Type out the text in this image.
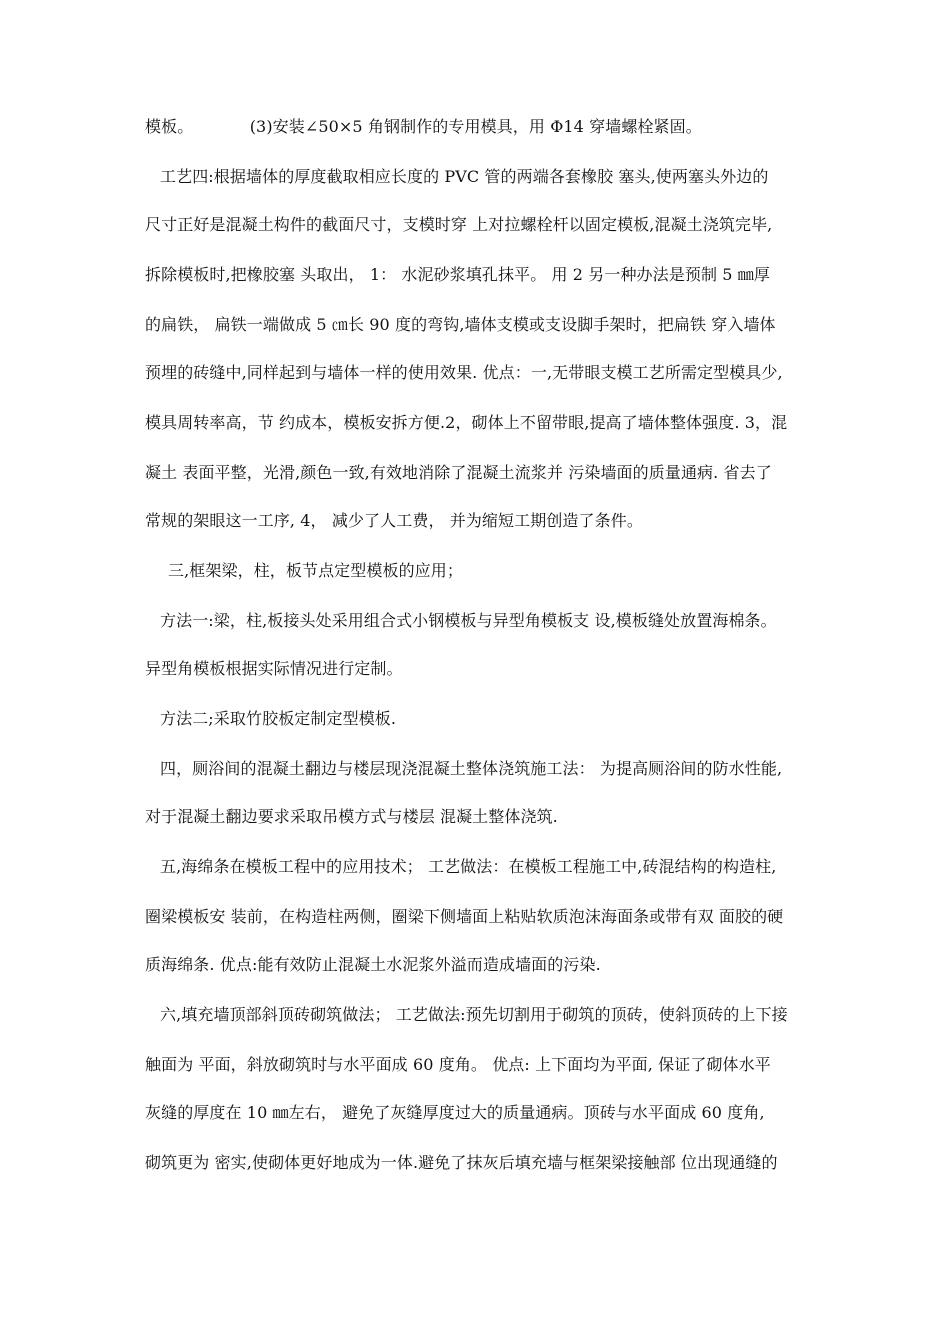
模板。　　　　(3)安装∠50×5 角钢制作的专用模具，用 Φ14 穿墙螺栓紧固。
工艺四:根据墙体的厚度截取相应长度的 PVC 管的两端各套橡胶 塞头,使两塞头外边的
尺寸正好是混凝土构件的截面尺寸，支模时穿 上对拉螺栓杆以固定模板,混凝土浇筑完毕,
拆除模板时,把橡胶塞 头取出， 1： 水泥砂浆填孔抹平。 用 2 另一种办法是预制 5 ㎜厚
的扁铁， 扁铁一端做成 5 ㎝长 90 度的弯钩,墙体支模或支设脚手架时，把扁铁 穿入墙体
预埋的砖缝中,同样起到与墙体一样的使用效果. 优点：一,无带眼支模工艺所需定型模具少,
模具周转率高，节 约成本，模板安拆方便.2，砌体上不留带眼,提高了墙体整体强度. 3，混
凝土 表面平整，光滑,颜色一致,有效地消除了混凝土流浆并 污染墙面的质量通病. 省去了
常规的架眼这一工序, 4， 减少了人工费， 并为缩短工期创造了条件。
三,框架梁，柱，板节点定型模板的应用；
方法一:梁，柱,板接头处采用组合式小钢模板与异型角模板支 设,模板缝处放置海棉条。
异型角模板根据实际情况进行定制。
方法二;采取竹胶板定制定型模板.
四，厕浴间的混凝土翻边与楼层现浇混凝土整体浇筑施工法： 为提高厕浴间的防水性能,
对于混凝土翻边要求采取吊模方式与楼层 混凝土整体浇筑.
五,海绵条在模板工程中的应用技术； 工艺做法：在模板工程施工中,砖混结构的构造柱,
圈梁模板安 装前，在构造柱两侧，圈梁下侧墙面上粘贴软质泡沫海面条或带有双 面胶的硬
质海绵条. 优点:能有效防止混凝土水泥浆外溢而造成墙面的污染.
六,填充墙顶部斜顶砖砌筑做法； 工艺做法:预先切割用于砌筑的顶砖，使斜顶砖的上下接
触面为 平面，斜放砌筑时与水平面成 60 度角。 优点: 上下面均为平面, 保证了砌体水平
灰缝的厚度在 10 ㎜左右， 避免了灰缝厚度过大的质量通病。顶砖与水平面成 60 度角,
砌筑更为 密实,使砌体更好地成为一体.避免了抹灰后填充墙与框架梁接触部 位出现通缝的
